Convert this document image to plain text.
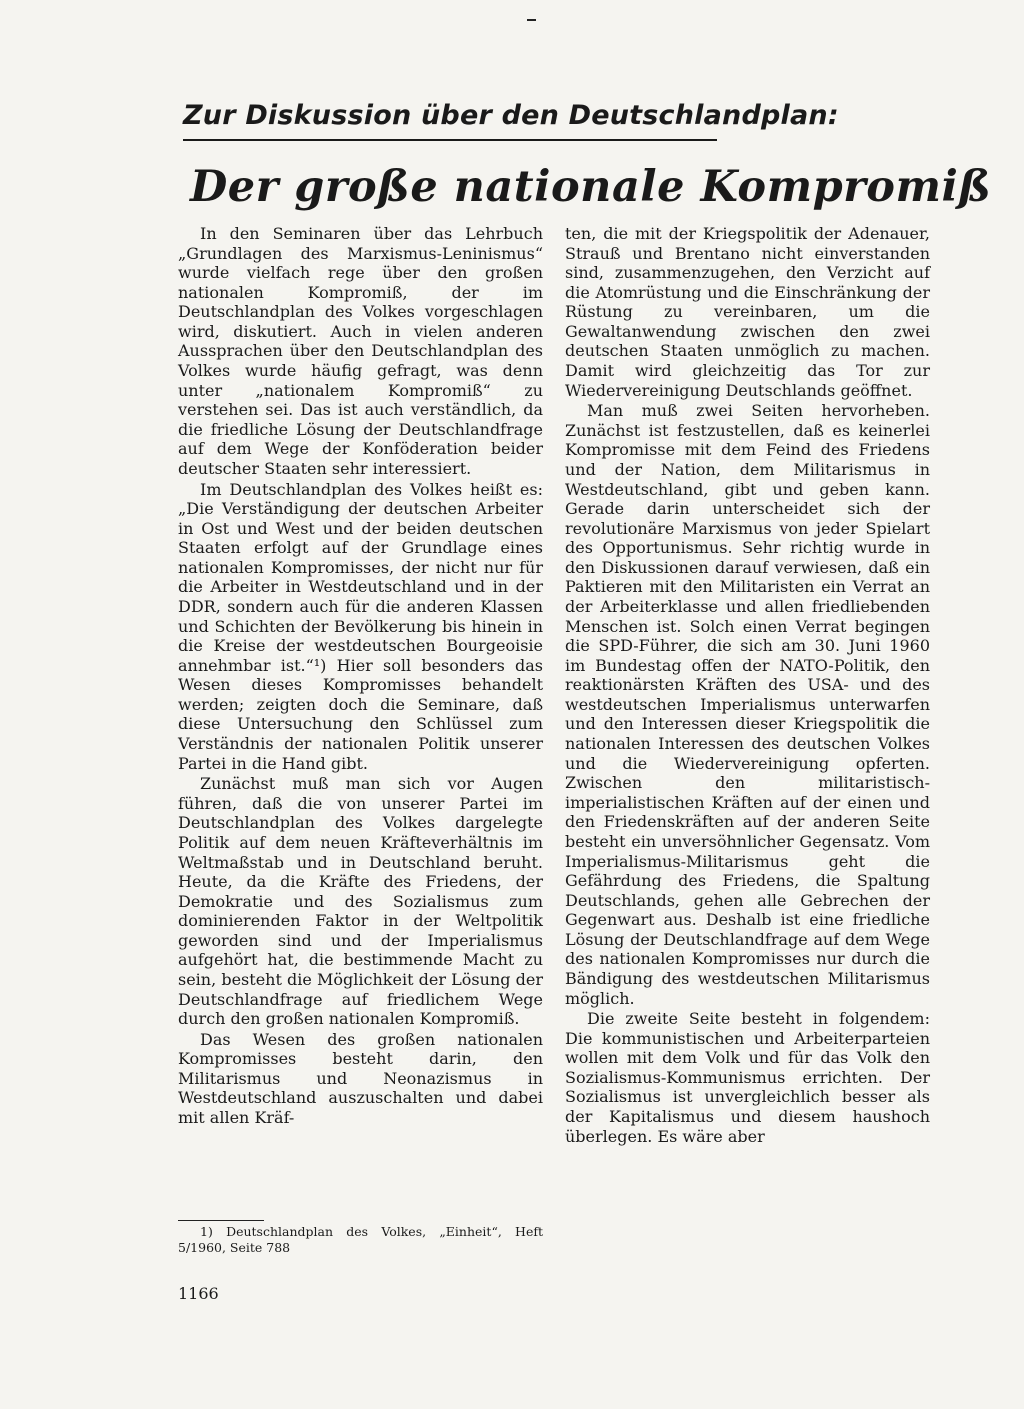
Zur Diskussion über den Deutschlandplan:
Der große nationale Kompromiß

In den Seminaren über das Lehrbuch „Grundlagen des Marxismus-Leninismus“ wurde vielfach rege über den großen nationalen Kompromiß, der im Deutschlandplan des Volkes vorgeschlagen wird, diskutiert. Auch in vielen anderen Aussprachen über den Deutschlandplan des Volkes wurde häufig gefragt, was denn unter „nationalem Kompromiß“ zu verstehen sei. Das ist auch verständlich, da die friedliche Lösung der Deutschlandfrage auf dem Wege der Konföderation beider deutscher Staaten sehr interessiert.

Im Deutschlandplan des Volkes heißt es: „Die Verständigung der deutschen Arbeiter in Ost und West und der beiden deutschen Staaten erfolgt auf der Grundlage eines nationalen Kompromisses, der nicht nur für die Arbeiter in Westdeutschland und in der DDR, sondern auch für die anderen Klassen und Schichten der Bevölkerung bis hinein in die Kreise der westdeutschen Bourgeoisie annehmbar ist.“¹) Hier soll besonders das Wesen dieses Kompromisses behandelt werden; zeigten doch die Seminare, daß diese Untersuchung den Schlüssel zum Verständnis der nationalen Politik unserer Partei in die Hand gibt.

Zunächst muß man sich vor Augen führen, daß die von unserer Partei im Deutschlandplan des Volkes dargelegte Politik auf dem neuen Kräfteverhältnis im Weltmaßstab und in Deutschland beruht. Heute, da die Kräfte des Friedens, der Demokratie und des Sozialismus zum dominierenden Faktor in der Weltpolitik geworden sind und der Imperialismus aufgehört hat, die bestimmende Macht zu sein, besteht die Möglichkeit der Lösung der Deutschlandfrage auf friedlichem Wege durch den großen nationalen Kompromiß.

Das Wesen des großen nationalen Kompromisses besteht darin, den Militarismus und Neonazismus in Westdeutschland auszuschalten und dabei mit allen Kräf-

ten, die mit der Kriegspolitik der Adenauer, Strauß und Brentano nicht einverstanden sind, zusammenzugehen, den Verzicht auf die Atomrüstung und die Einschränkung der Rüstung zu vereinbaren, um die Gewaltanwendung zwischen den zwei deutschen Staaten unmöglich zu machen. Damit wird gleichzeitig das Tor zur Wiedervereinigung Deutschlands geöffnet.

Man muß zwei Seiten hervorheben. Zunächst ist festzustellen, daß es keinerlei Kompromisse mit dem Feind des Friedens und der Nation, dem Militarismus in Westdeutschland, gibt und geben kann. Gerade darin unterscheidet sich der revolutionäre Marxismus von jeder Spielart des Opportunismus. Sehr richtig wurde in den Diskussionen darauf verwiesen, daß ein Paktieren mit den Militaristen ein Verrat an der Arbeiterklasse und allen friedliebenden Menschen ist. Solch einen Verrat begingen die SPD-Führer, die sich am 30. Juni 1960 im Bundestag offen der NATO-Politik, den reaktionärsten Kräften des USA- und des westdeutschen Imperialismus unterwarfen und den Interessen dieser Kriegspolitik die nationalen Interessen des deutschen Volkes und die Wiedervereinigung opferten. Zwischen den militaristisch-imperialistischen Kräften auf der einen und den Friedenskräften auf der anderen Seite besteht ein unversöhnlicher Gegensatz. Vom Imperialismus-Militarismus geht die Gefährdung des Friedens, die Spaltung Deutschlands, gehen alle Gebrechen der Gegenwart aus. Deshalb ist eine friedliche Lösung der Deutschlandfrage auf dem Wege des nationalen Kompromisses nur durch die Bändigung des westdeutschen Militarismus möglich.

Die zweite Seite besteht in folgendem: Die kommunistischen und Arbeiterparteien wollen mit dem Volk und für das Volk den Sozialismus-Kommunismus errichten. Der Sozialismus ist unvergleichlich besser als der Kapitalismus und diesem haushoch überlegen. Es wäre aber

1) Deutschlandplan des Volkes, „Einheit“, Heft 5/1960, Seite 788
1166
